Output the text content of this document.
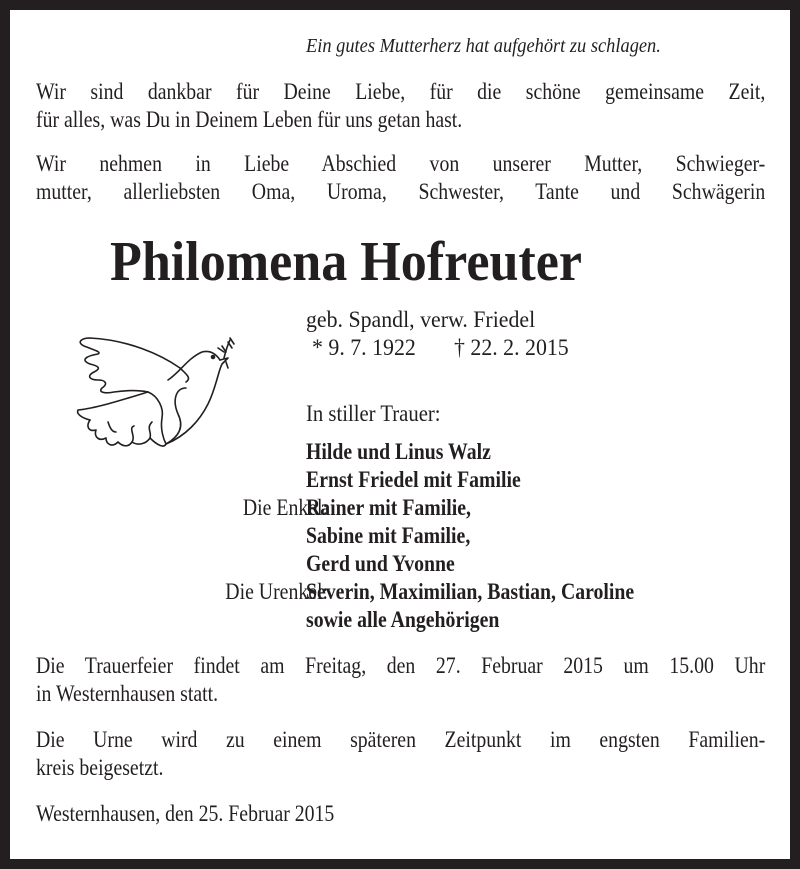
Ein gutes Mutterherz hat aufgehört zu schlagen.
Wir sind dankbar für Deine Liebe, für die schöne gemeinsame Zeit,
für alles, was Du in Deinem Leben für uns getan hast.
Wir nehmen in Liebe Abschied von unserer Mutter, Schwieger-
mutter, allerliebsten Oma, Uroma, Schwester, Tante und Schwägerin
Philomena Hofreuter
geb. Spandl, verw. Friedel
* 9. 7. 1922 † 22. 2. 2015
In stiller Trauer:
Hilde und Linus Walz
Ernst Friedel mit Familie
Die Enkel:
Rainer mit Familie,
Sabine mit Familie,
Gerd und Yvonne
Die Urenkel:
Severin, Maximilian, Bastian, Caroline
sowie alle Angehörigen
Die Trauerfeier findet am Freitag, den 27. Februar 2015 um 15.00 Uhr
in Westernhausen statt.
Die Urne wird zu einem späteren Zeitpunkt im engsten Familien-
kreis beigesetzt.
Westernhausen, den 25. Februar 2015
